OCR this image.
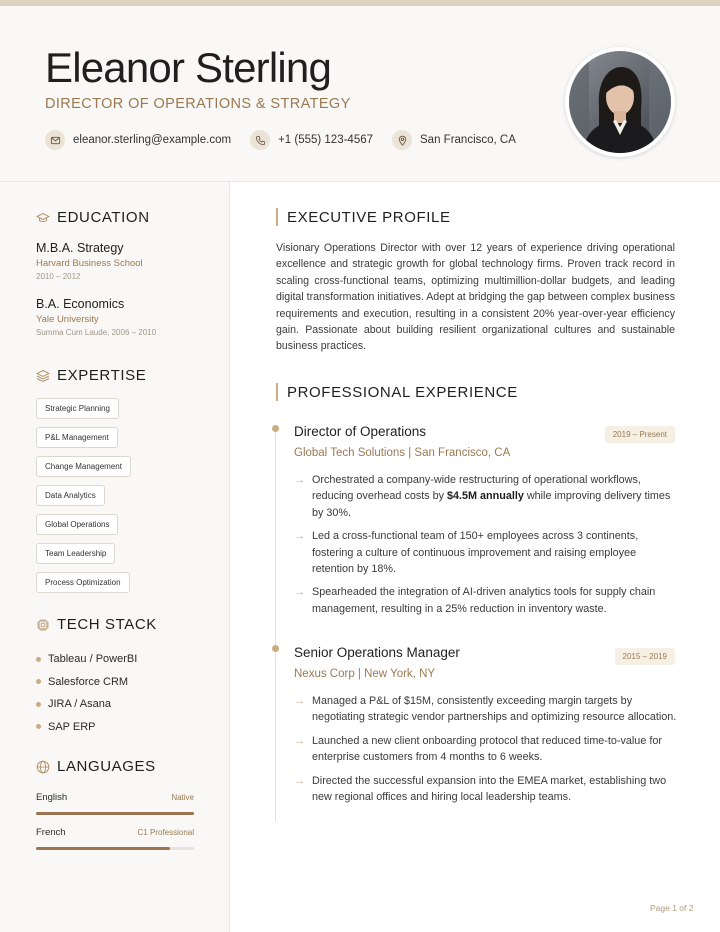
Eleanor Sterling
DIRECTOR OF OPERATIONS & STRATEGY
eleanor.sterling@example.com	+1 (555) 123-4567	San Francisco, CA
EDUCATION
M.B.A. Strategy
Harvard Business School
2010 – 2012
B.A. Economics
Yale University
Summa Cum Laude, 2006 – 2010
EXPERTISE
Strategic Planning
P&L Management
Change Management
Data Analytics
Global Operations
Team Leadership
Process Optimization
TECH STACK
Tableau / PowerBI
Salesforce CRM
JIRA / Asana
SAP ERP
LANGUAGES
English	Native
French	C1 Professional
EXECUTIVE PROFILE

Visionary Operations Director with over 12 years of experience driving operational excellence and strategic growth for global technology firms. Proven track record in scaling cross-functional teams, optimizing multimillion-dollar budgets, and leading digital transformation initiatives. Adept at bridging the gap between complex business requirements and execution, resulting in a consistent 20% year-over-year efficiency gain. Passionate about building resilient organizational cultures and sustainable business practices.

PROFESSIONAL EXPERIENCE
Director of Operations	2019 – Present
Global Tech Solutions | San Francisco, CA
→ Orchestrated a company-wide restructuring of operational workflows, reducing overhead costs by $4.5M annually while improving delivery times by 30%.
→ Led a cross-functional team of 150+ employees across 3 continents, fostering a culture of continuous improvement and raising employee retention by 18%.
→ Spearheaded the integration of AI-driven analytics tools for supply chain management, resulting in a 25% reduction in inventory waste.
Senior Operations Manager	2015 – 2019
Nexus Corp | New York, NY
→ Managed a P&L of $15M, consistently exceeding margin targets by negotiating strategic vendor partnerships and optimizing resource allocation.
→ Launched a new client onboarding protocol that reduced time-to-value for enterprise customers from 4 months to 6 weeks.
→ Directed the successful expansion into the EMEA market, establishing two new regional offices and hiring local leadership teams.
Page 1 of 2
